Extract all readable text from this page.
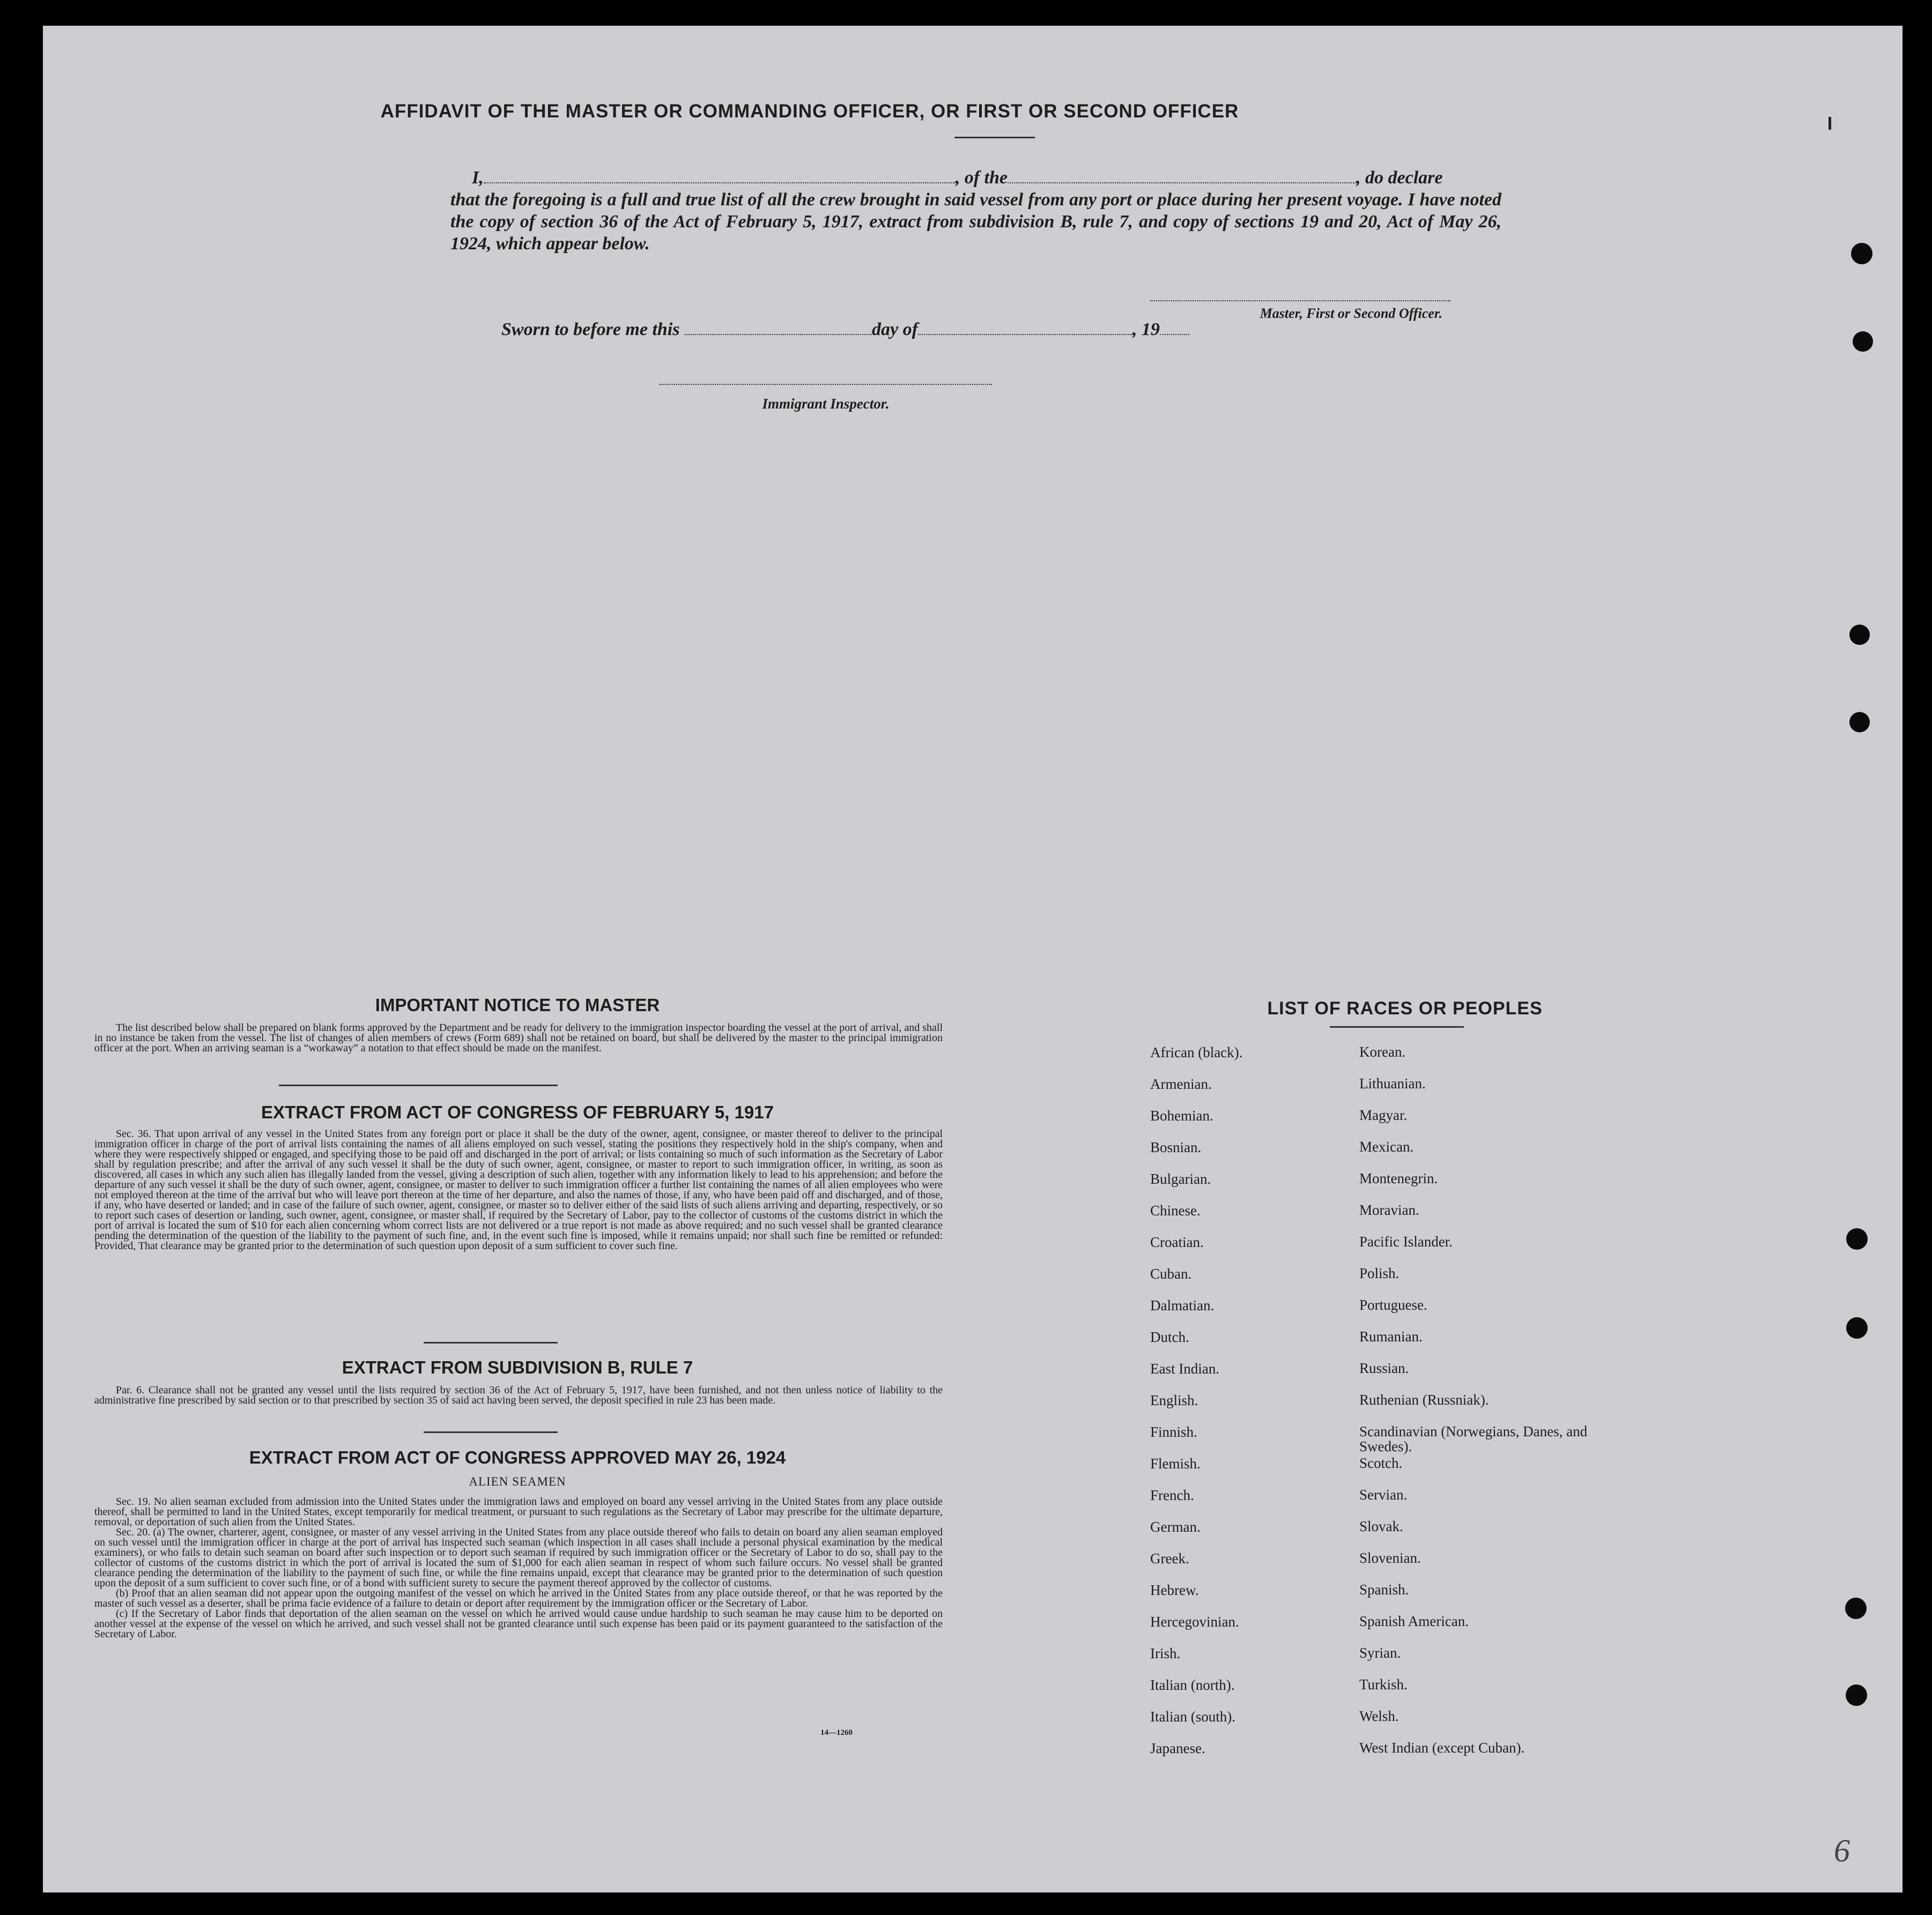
AFFIDAVIT OF THE MASTER OR COMMANDING OFFICER, OR FIRST OR SECOND OFFICER
I,	, of the	, do declare
that the foregoing is a full and true list of all the crew brought in said vessel from any port or place during her present voyage. I have noted the copy of section 36 of the Act of February 5, 1917, extract from subdivision B, rule 7, and copy of sections 19 and 20, Act of May 26, 1924, which appear below.
Master, First or Second Officer.
Sworn to before me this	day of	, 19
Immigrant Inspector.
IMPORTANT NOTICE TO MASTER

The list described below shall be prepared on blank forms approved by the Department and be ready for delivery to the immigration inspector boarding the vessel at the port of arrival, and shall in no instance be taken from the vessel. The list of changes of alien members of crews (Form 689) shall not be retained on board, but shall be delivered by the master to the principal immigration officer at the port. When an arriving seaman is a “workaway” a notation to that effect should be made on the manifest.

EXTRACT FROM ACT OF CONGRESS OF FEBRUARY 5, 1917

Sec. 36. That upon arrival of any vessel in the United States from any foreign port or place it shall be the duty of the owner, agent, consignee, or master thereof to deliver to the principal immigration officer in charge of the port of arrival lists containing the names of all aliens employed on such vessel, stating the positions they respectively hold in the ship's company, when and where they were respectively shipped or engaged, and specifying those to be paid off and discharged in the port of arrival; or lists containing so much of such information as the Secretary of Labor shall by regulation prescribe; and after the arrival of any such vessel it shall be the duty of such owner, agent, consignee, or master to report to such immigration officer, in writing, as soon as discovered, all cases in which any such alien has illegally landed from the vessel, giving a description of such alien, together with any information likely to lead to his apprehension; and before the departure of any such vessel it shall be the duty of such owner, agent, consignee, or master to deliver to such immigration officer a further list containing the names of all alien employees who were not employed thereon at the time of the arrival but who will leave port thereon at the time of her departure, and also the names of those, if any, who have been paid off and discharged, and of those, if any, who have deserted or landed; and in case of the failure of such owner, agent, consignee, or master so to deliver either of the said lists of such aliens arriving and departing, respectively, or so to report such cases of desertion or landing, such owner, agent, consignee, or master shall, if required by the Secretary of Labor, pay to the collector of customs of the customs district in which the port of arrival is located the sum of $10 for each alien concerning whom correct lists are not delivered or a true report is not made as above required; and no such vessel shall be granted clearance pending the determination of the question of the liability to the payment of such fine, and, in the event such fine is imposed, while it remains unpaid; nor shall such fine be remitted or refunded: Provided, That clearance may be granted prior to the determination of such question upon deposit of a sum sufficient to cover such fine.

EXTRACT FROM SUBDIVISION B, RULE 7

Par. 6. Clearance shall not be granted any vessel until the lists required by section 36 of the Act of February 5, 1917, have been furnished, and not then unless notice of liability to the administrative fine prescribed by said section or to that prescribed by section 35 of said act having been served, the deposit specified in rule 23 has been made.

EXTRACT FROM ACT OF CONGRESS APPROVED MAY 26, 1924
ALIEN SEAMEN

Sec. 19. No alien seaman excluded from admission into the United States under the immigration laws and employed on board any vessel arriving in the United States from any place outside thereof, shall be permitted to land in the United States, except temporarily for medical treatment, or pursuant to such regulations as the Secretary of Labor may prescribe for the ultimate departure, removal, or deportation of such alien from the United States.

Sec. 20. (a) The owner, charterer, agent, consignee, or master of any vessel arriving in the United States from any place outside thereof who fails to detain on board any alien seaman employed on such vessel until the immigration officer in charge at the port of arrival has inspected such seaman (which inspection in all cases shall include a personal physical examination by the medical examiners), or who fails to detain such seaman on board after such inspection or to deport such seaman if required by such immigration officer or the Secretary of Labor to do so, shall pay to the collector of customs of the customs district in which the port of arrival is located the sum of $1,000 for each alien seaman in respect of whom such failure occurs. No vessel shall be granted clearance pending the determination of the liability to the payment of such fine, or while the fine remains unpaid, except that clearance may be granted prior to the determination of such question upon the deposit of a sum sufficient to cover such fine, or of a bond with sufficient surety to secure the payment thereof approved by the collector of customs.

(b) Proof that an alien seaman did not appear upon the outgoing manifest of the vessel on which he arrived in the United States from any place outside thereof, or that he was reported by the master of such vessel as a deserter, shall be prima facie evidence of a failure to detain or deport after requirement by the immigration officer or the Secretary of Labor.

(c) If the Secretary of Labor finds that deportation of the alien seaman on the vessel on which he arrived would cause undue hardship to such seaman he may cause him to be deported on another vessel at the expense of the vessel on which he arrived, and such vessel shall not be granted clearance until such expense has been paid or its payment guaranteed to the satisfaction of the Secretary of Labor.

14—1260
LIST OF RACES OR PEOPLES
African (black).	Korean.
Armenian.	Lithuanian.
Bohemian.	Magyar.
Bosnian.	Mexican.
Bulgarian.	Montenegrin.
Chinese.	Moravian.
Croatian.	Pacific Islander.
Cuban.	Polish.
Dalmatian.	Portuguese.
Dutch.	Rumanian.
East Indian.	Russian.
English.	Ruthenian (Russniak).
Finnish.	Scandinavian (Norwegians, Danes, and Swedes).
Flemish.	Scotch.
French.	Servian.
German.	Slovak.
Greek.	Slovenian.
Hebrew.	Spanish.
Hercegovinian.	Spanish American.
Irish.	Syrian.
Italian (north).	Turkish.
Italian (south).	Welsh.
Japanese.	West Indian (except Cuban).
6
